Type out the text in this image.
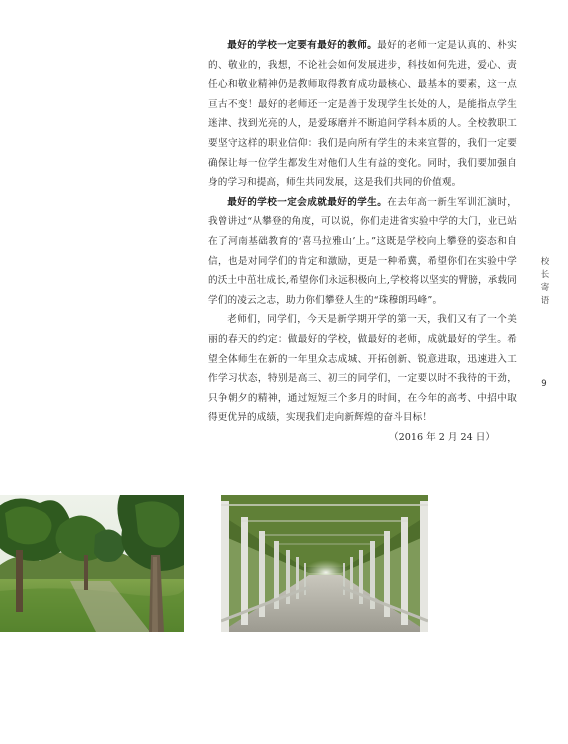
最好的学校一定要有最好的教师。最好的老师一定是认真的、朴实的、敬业的，我想，不论社会如何发展进步，科技如何先进，爱心、责任心和敬业精神仍是教师取得教育成功最核心、最基本的要素，这一点亘古不变！最好的老师还一定是善于发现学生长处的人，是能指点学生迷津、找到光亮的人，是爱琢磨并不断追问学科本质的人。全校教职工要坚守这样的职业信仰：我们是向所有学生的未来宣誓的，我们一定要确保让每一位学生都发生对他们人生有益的变化。同时，我们要加强自身的学习和提高，师生共同发展，这是我们共同的价值观。

最好的学校一定会成就最好的学生。在去年高一新生军训汇演时，我曾讲过“从攀登的角度，可以说，你们走进省实验中学的大门，业已站在了河南基础教育的‘喜马拉雅山’上。”这既是学校向上攀登的姿态和自信，也是对同学们的肯定和激励，更是一种希冀，希望你们在实验中学的沃土中茁壮成长,希望你们永远积极向上,学校将以坚实的臂膀，承载同学们的凌云之志，助力你们攀登人生的“珠穆朗玛峰”。

老师们，同学们，今天是新学期开学的第一天，我们又有了一个美丽的春天的约定：做最好的学校，做最好的老师，成就最好的学生。希望全体师生在新的一年里众志成城、开拓创新、锐意进取，迅速进入工作学习状态，特别是高三、初三的同学们，一定要以时不我待的干劲，只争朝夕的精神，通过短短三个多月的时间，在今年的高考、中招中取得更优异的成绩，实现我们走向新辉煌的奋斗目标！

（2016 年 2 月 24 日）

校
长
寄
语
9
